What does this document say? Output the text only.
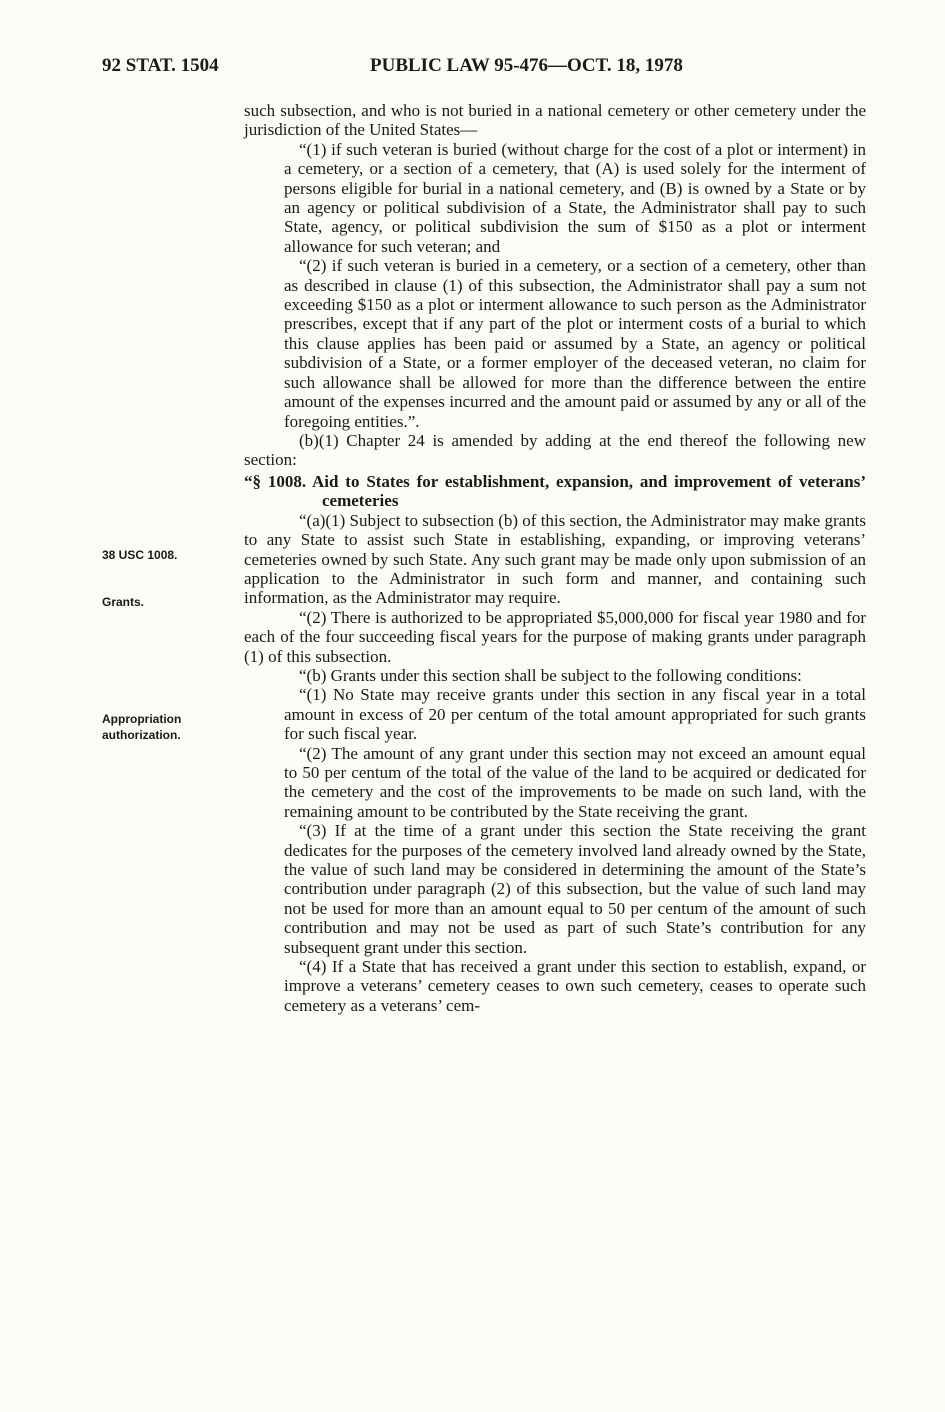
92 STAT. 1504	PUBLIC LAW 95-476—OCT. 18, 1978
38 USC 1008.
Grants.
Appropriation
authorization.

such subsection, and who is not buried in a national cemetery or other cemetery under the jurisdiction of the United States—

“(1) if such veteran is buried (without charge for the cost of a plot or interment) in a cemetery, or a section of a cemetery, that (A) is used solely for the interment of persons eligible for burial in a national cemetery, and (B) is owned by a State or by an agency or political subdivision of a State, the Administrator shall pay to such State, agency, or political subdivision the sum of $150 as a plot or interment allowance for such veteran; and

“(2) if such veteran is buried in a cemetery, or a section of a cemetery, other than as described in clause (1) of this subsection, the Administrator shall pay a sum not exceeding $150 as a plot or interment allowance to such person as the Administrator prescribes, except that if any part of the plot or interment costs of a burial to which this clause applies has been paid or assumed by a State, an agency or political subdivision of a State, or a former employer of the deceased veteran, no claim for such allowance shall be allowed for more than the difference between the entire amount of the expenses incurred and the amount paid or assumed by any or all of the foregoing entities.”.

(b)(1) Chapter 24 is amended by adding at the end thereof the following new section:

“§ 1008. Aid to States for establishment, expansion, and improvement of veterans’ cemeteries

“(a)(1) Subject to subsection (b) of this section, the Administrator may make grants to any State to assist such State in establishing, expanding, or improving veterans’ cemeteries owned by such State. Any such grant may be made only upon submission of an application to the Administrator in such form and manner, and containing such information, as the Administrator may require.

“(2) There is authorized to be appropriated $5,000,000 for fiscal year 1980 and for each of the four succeeding fiscal years for the purpose of making grants under paragraph (1) of this subsection.

“(b) Grants under this section shall be subject to the following conditions:

“(1) No State may receive grants under this section in any fiscal year in a total amount in excess of 20 per centum of the total amount appropriated for such grants for such fiscal year.

“(2) The amount of any grant under this section may not exceed an amount equal to 50 per centum of the total of the value of the land to be acquired or dedicated for the cemetery and the cost of the improvements to be made on such land, with the remaining amount to be contributed by the State receiving the grant.

“(3) If at the time of a grant under this section the State receiving the grant dedicates for the purposes of the cemetery involved land already owned by the State, the value of such land may be considered in determining the amount of the State’s contribution under paragraph (2) of this subsection, but the value of such land may not be used for more than an amount equal to 50 per centum of the amount of such contribution and may not be used as part of such State’s contribution for any subsequent grant under this section.

“(4) If a State that has received a grant under this section to establish, expand, or improve a veterans’ cemetery ceases to own such cemetery, ceases to operate such cemetery as a veterans’ cem-
